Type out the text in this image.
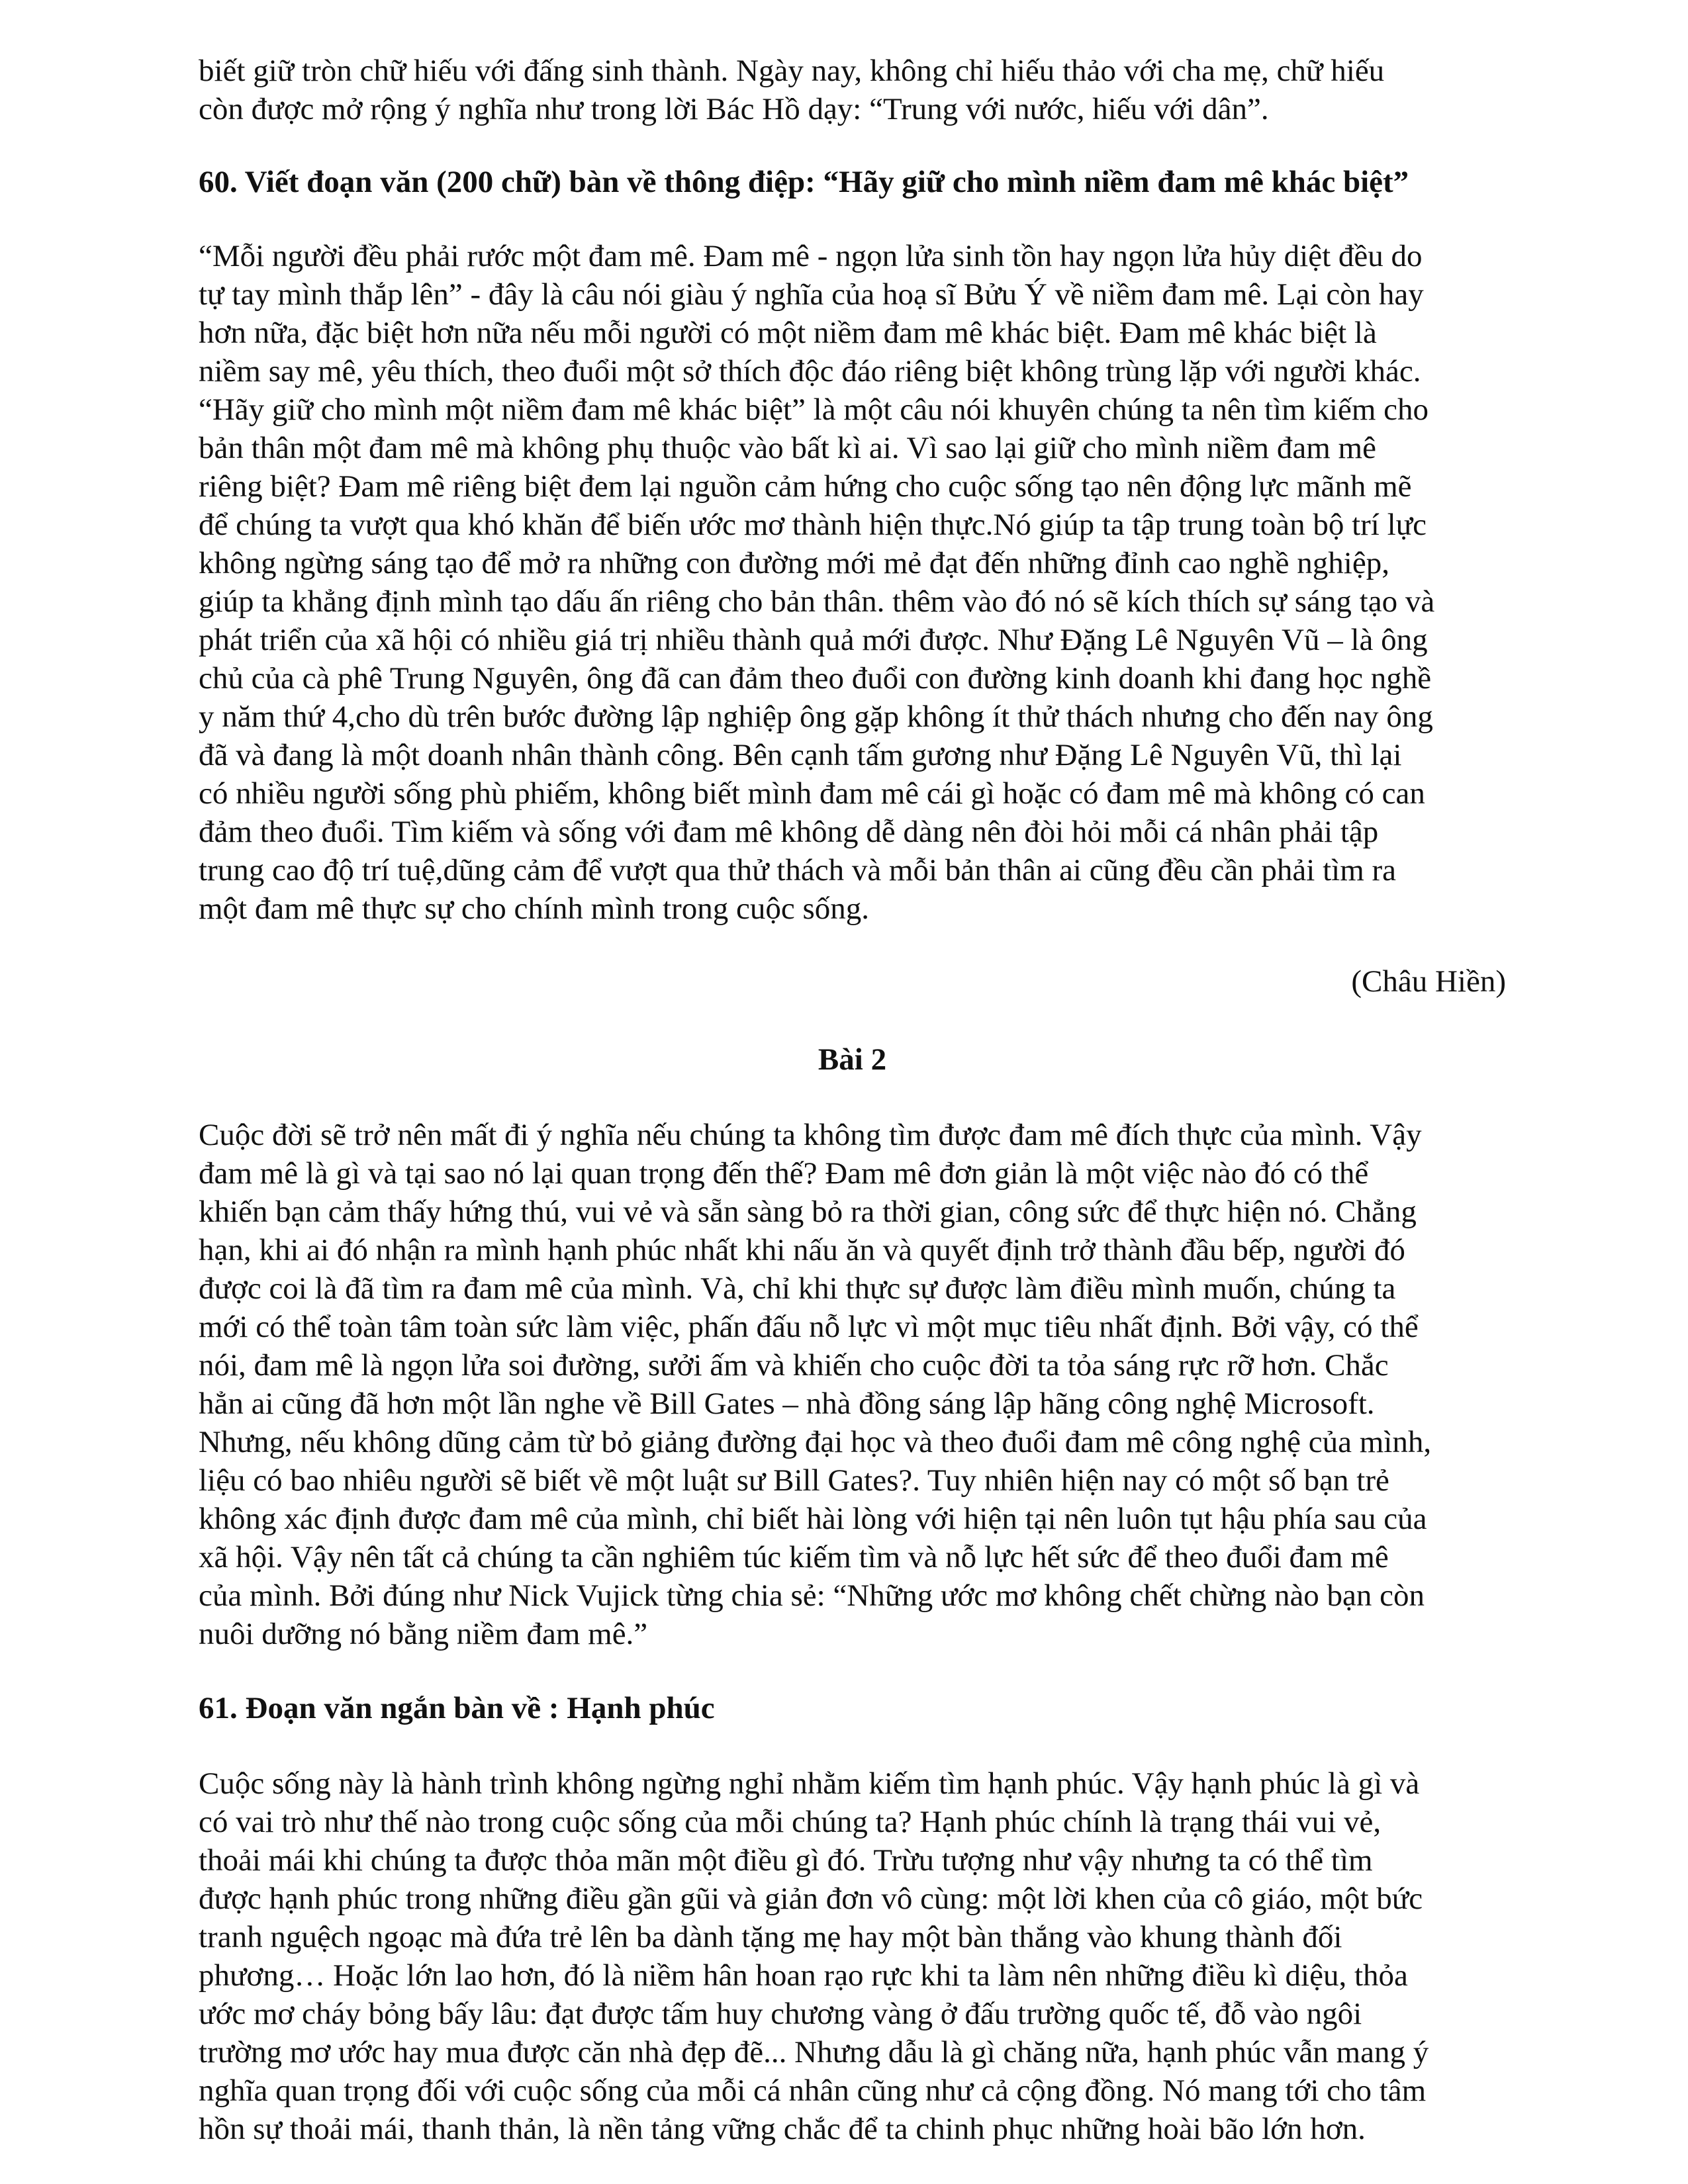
biết giữ tròn chữ hiếu với đấng sinh thành. Ngày nay, không chỉ hiếu thảo với cha mẹ, chữ hiếu
còn được mở rộng ý nghĩa như trong lời Bác Hồ dạy: “Trung với nước, hiếu với dân”.
60. Viết đoạn văn (200 chữ) bàn về thông điệp: “Hãy giữ cho mình niềm đam mê khác biệt”
“Mỗi người đều phải rước một đam mê. Đam mê - ngọn lửa sinh tồn hay ngọn lửa hủy diệt đều do
tự tay mình thắp lên” - đây là câu nói giàu ý nghĩa của hoạ sĩ Bửu Ý về niềm đam mê. Lại còn hay
hơn nữa, đặc biệt hơn nữa nếu mỗi người có một niềm đam mê khác biệt. Đam mê khác biệt là
niềm say mê, yêu thích, theo đuổi một sở thích độc đáo riêng biệt không trùng lặp với người khác.
“Hãy giữ cho mình một niềm đam mê khác biệt” là một câu nói khuyên chúng ta nên tìm kiếm cho
bản thân một đam mê mà không phụ thuộc vào bất kì ai. Vì sao lại giữ cho mình niềm đam mê
riêng biệt? Đam mê riêng biệt đem lại nguồn cảm hứng cho cuộc sống tạo nên động lực mãnh mẽ
để chúng ta vượt qua khó khăn để biến ước mơ thành hiện thực.Nó giúp ta tập trung toàn bộ trí lực
không ngừng sáng tạo để mở ra những con đường mới mẻ đạt đến những đỉnh cao nghề nghiệp,
giúp ta khẳng định mình tạo dấu ấn riêng cho bản thân. thêm vào đó nó sẽ kích thích sự sáng tạo và
phát triển của xã hội có nhiều giá trị nhiều thành quả mới được. Như Đặng Lê Nguyên Vũ – là ông
chủ của cà phê Trung Nguyên, ông đã can đảm theo đuổi con đường kinh doanh khi đang học nghề
y năm thứ 4,cho dù trên bước đường lập nghiệp ông gặp không ít thử thách nhưng cho đến nay ông
đã và đang là một doanh nhân thành công. Bên cạnh tấm gương như Đặng Lê Nguyên Vũ, thì lại
có nhiều người sống phù phiếm, không biết mình đam mê cái gì hoặc có đam mê mà không có can
đảm theo đuổi. Tìm kiếm và sống với đam mê không dễ dàng nên đòi hỏi mỗi cá nhân phải tập
trung cao độ trí tuệ,dũng cảm để vượt qua thử thách và mỗi bản thân ai cũng đều cần phải tìm ra
một đam mê thực sự cho chính mình trong cuộc sống.
(Châu Hiền)
Bài 2
Cuộc đời sẽ trở nên mất đi ý nghĩa nếu chúng ta không tìm được đam mê đích thực của mình. Vậy
đam mê là gì và tại sao nó lại quan trọng đến thế? Đam mê đơn giản là một việc nào đó có thể
khiến bạn cảm thấy hứng thú, vui vẻ và sẵn sàng bỏ ra thời gian, công sức để thực hiện nó. Chẳng
hạn, khi ai đó nhận ra mình hạnh phúc nhất khi nấu ăn và quyết định trở thành đầu bếp, người đó
được coi là đã tìm ra đam mê của mình. Và, chỉ khi thực sự được làm điều mình muốn, chúng ta
mới có thể toàn tâm toàn sức làm việc, phấn đấu nỗ lực vì một mục tiêu nhất định. Bởi vậy, có thể
nói, đam mê là ngọn lửa soi đường, sưởi ấm và khiến cho cuộc đời ta tỏa sáng rực rỡ hơn. Chắc
hẳn ai cũng đã hơn một lần nghe về Bill Gates – nhà đồng sáng lập hãng công nghệ Microsoft.
Nhưng, nếu không dũng cảm từ bỏ giảng đường đại học và theo đuổi đam mê công nghệ của mình,
liệu có bao nhiêu người sẽ biết về một luật sư Bill Gates?. Tuy nhiên hiện nay có một số bạn trẻ
không xác định được đam mê của mình, chỉ biết hài lòng với hiện tại nên luôn tụt hậu phía sau của
xã hội. Vậy nên tất cả chúng ta cần nghiêm túc kiếm tìm và nỗ lực hết sức để theo đuổi đam mê
của mình. Bởi đúng như Nick Vujick từng chia sẻ: “Những ước mơ không chết chừng nào bạn còn
nuôi dưỡng nó bằng niềm đam mê.”
61. Đoạn văn ngắn bàn về : Hạnh phúc
Cuộc sống này là hành trình không ngừng nghỉ nhằm kiếm tìm hạnh phúc. Vậy hạnh phúc là gì và
có vai trò như thế nào trong cuộc sống của mỗi chúng ta? Hạnh phúc chính là trạng thái vui vẻ,
thoải mái khi chúng ta được thỏa mãn một điều gì đó. Trừu tượng như vậy nhưng ta có thể tìm
được hạnh phúc trong những điều gần gũi và giản đơn vô cùng: một lời khen của cô giáo, một bức
tranh nguệch ngoạc mà đứa trẻ lên ba dành tặng mẹ hay một bàn thắng vào khung thành đối
phương… Hoặc lớn lao hơn, đó là niềm hân hoan rạo rực khi ta làm nên những điều kì diệu, thỏa
ước mơ cháy bỏng bấy lâu: đạt được tấm huy chương vàng ở đấu trường quốc tế, đỗ vào ngôi
trường mơ ước hay mua được căn nhà đẹp đẽ... Nhưng dẫu là gì chăng nữa, hạnh phúc vẫn mang ý
nghĩa quan trọng đối với cuộc sống của mỗi cá nhân cũng như cả cộng đồng. Nó mang tới cho tâm
hồn sự thoải mái, thanh thản, là nền tảng vững chắc để ta chinh phục những hoài bão lớn hơn.
